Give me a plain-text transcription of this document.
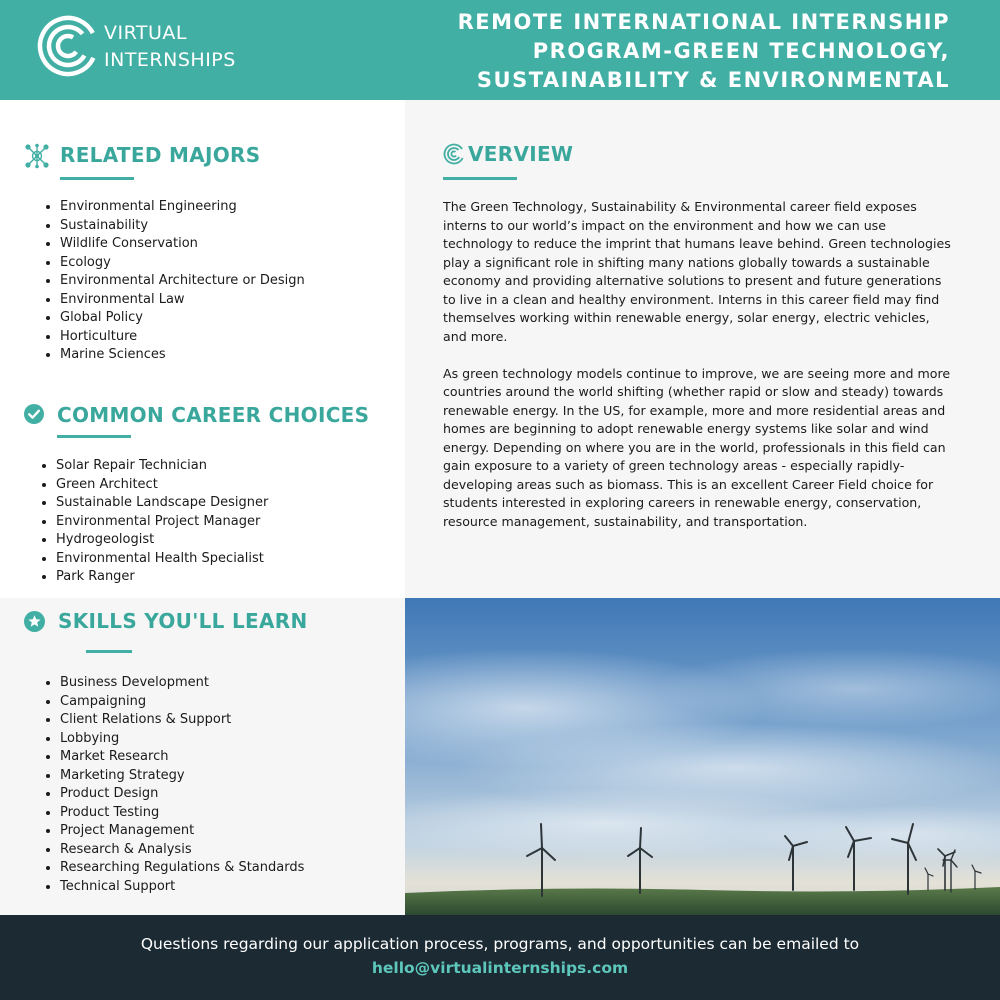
VIRTUAL
INTERNSHIPS
REMOTE INTERNATIONAL INTERNSHIP
PROGRAM-GREEN TECHNOLOGY,
SUSTAINABILITY & ENVIRONMENTAL
RELATED MAJORS
• Environmental Engineering
• Sustainability
• Wildlife Conservation
• Ecology
• Environmental Architecture or Design
• Environmental Law
• Global Policy
• Horticulture
• Marine Sciences
COMMON CAREER CHOICES
• Solar Repair Technician
• Green Architect
• Sustainable Landscape Designer
• Environmental Project Manager
• Hydrogeologist
• Environmental Health Specialist
• Park Ranger
VERVIEW

The Green Technology, Sustainability & Environmental career field exposes interns to our world’s impact on the environment and how we can use technology to reduce the imprint that humans leave behind. Green technologies play a significant role in shifting many nations globally towards a sustainable economy and providing alternative solutions to present and future generations to live in a clean and healthy environment. Interns in this career field may find themselves working within renewable energy, solar energy, electric vehicles, and more.

As green technology models continue to improve, we are seeing more and more countries around the world shifting (whether rapid or slow and steady) towards renewable energy. In the US, for example, more and more residential areas and homes are beginning to adopt renewable energy systems like solar and wind energy. Depending on where you are in the world, professionals in this field can gain exposure to a variety of green technology areas - especially rapidly-developing areas such as biomass. This is an excellent Career Field choice for students interested in exploring careers in renewable energy, conservation, resource management, sustainability, and transportation.

SKILLS YOU'LL LEARN
• Business Development
• Campaigning
• Client Relations & Support
• Lobbying
• Market Research
• Marketing Strategy
• Product Design
• Product Testing
• Project Management
• Research & Analysis
• Researching Regulations & Standards
• Technical Support
Questions regarding our application process, programs, and opportunities can be emailed to
hello@virtualinternships.com
